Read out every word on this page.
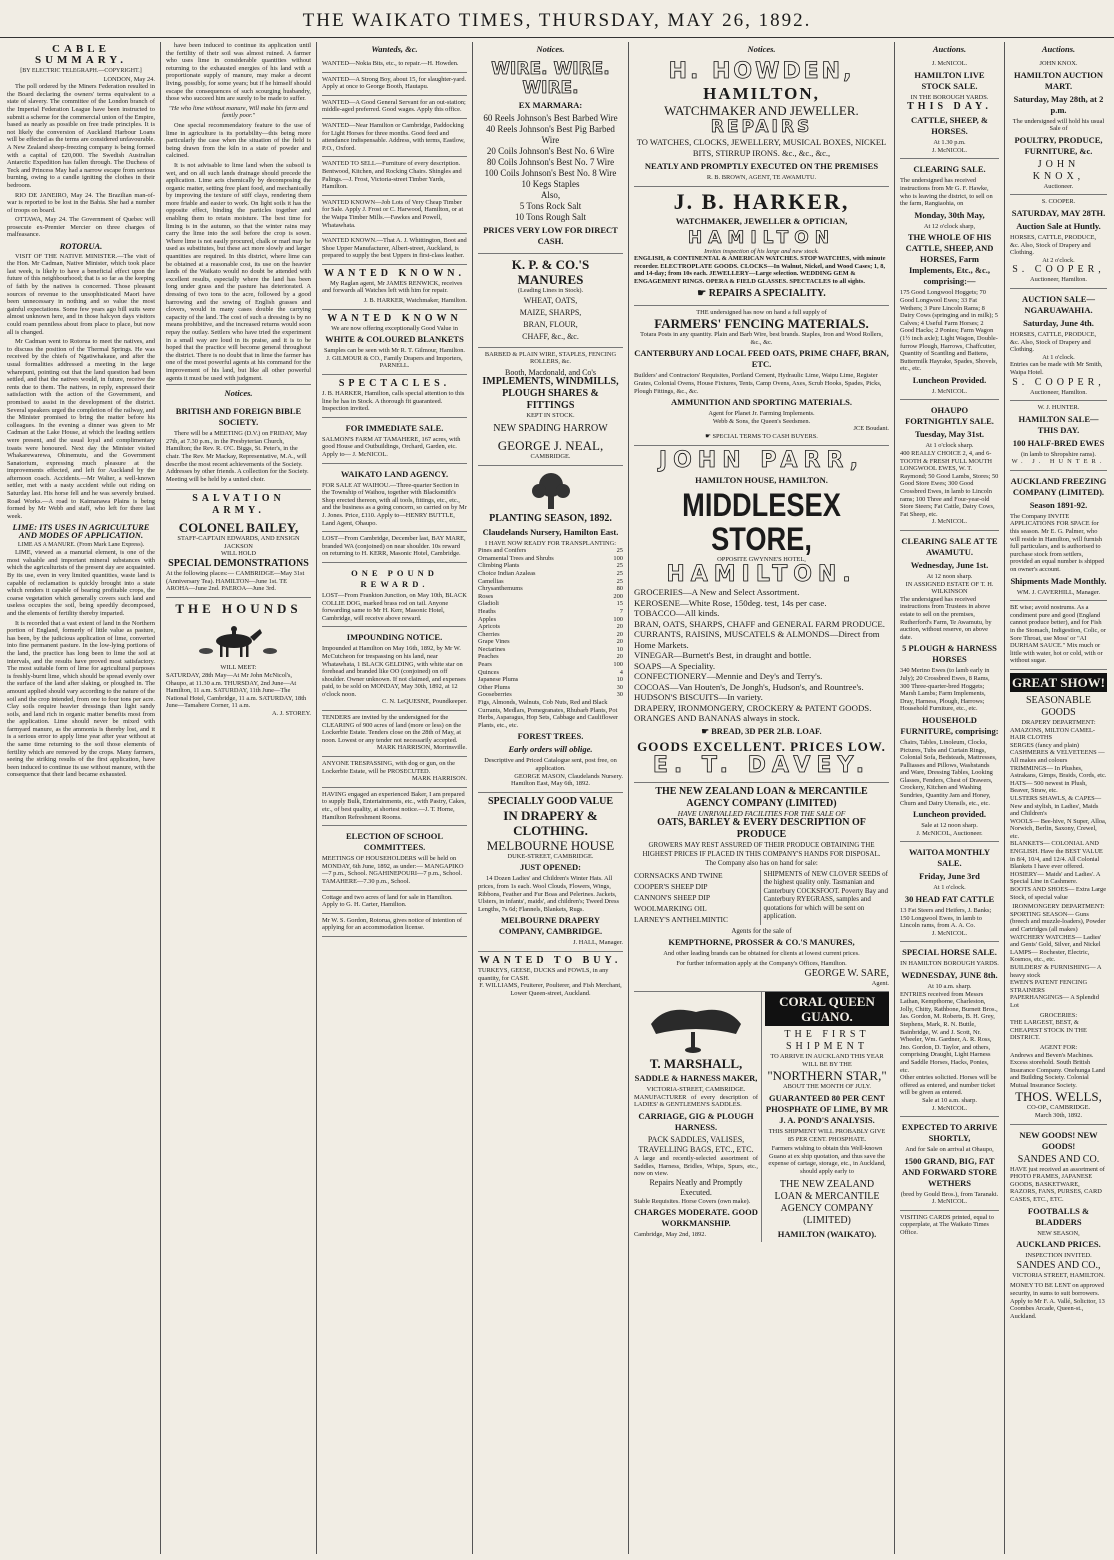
THE WAIKATO TIMES, THURSDAY, MAY 26, 1892.
CABLE SUMMARY.
[BY ELECTRIC TELEGRAPH.—COPYRIGHT.]
LONDON, May 24.

The poll ordered by the Miners Federation resulted in the Board declaring the owners' terms equivalent to a state of slavery. The committee of the London branch of the Imperial Federation League have been instructed to submit a scheme for the commercial union of the Empire, based as nearly as possible on free trade principles. It is not likely the conversion of Auckland Harbour Loans will be effected as the terms are considered unfavourable. A New Zealand sheep-freezing company is being formed with a capital of £20,000. The Swedish Australian Antarctic Expedition has fallen through. The Duchess of Teck and Princess May had a narrow escape from serious burning, owing to a candle igniting the clothes in their bedroom.

RIO DE JANEIRO, May 24. The Brazilian man-of-war is reported to be lost in the Bahia. She had a number of troops on board.

OTTAWA, May 24. The Government of Quebec will prosecute ex-Premier Mercier on three charges of malfeasance.

ROTORUA.

VISIT OF THE NATIVE MINISTER.—The visit of the Hon. Mr Cadman, Native Minister, which took place last week, is likely to have a beneficial effect upon the future of this neighbourhood; that is so far as the keeping of faith by the natives is concerned. Those pleasant sources of revenue to the unsophisticated Maori have been unnecessary in nothing and so value the most gainful expectations. Some few years ago bill suits were almost unknown here, and in those halcyon days visitors could roam penniless about from place to place, but now all is changed.

Mr Cadman went to Rotorua to meet the natives, and to discuss the position of the Thermal Springs. He was received by the chiefs of Ngatiwhakaue, and after the usual formalities addressed a meeting in the large wharepuni, pointing out that the land question had been settled, and that the natives would, in future, receive the rents due to them. The natives, in reply, expressed their satisfaction with the action of the Government, and promised to assist in the development of the district. Several speakers urged the completion of the railway, and the Minister promised to bring the matter before his colleagues. In the evening a dinner was given to Mr Cadman at the Lake House, at which the leading settlers were present, and the usual loyal and complimentary toasts were honoured. Next day the Minister visited Whakarewarewa, Ohinemutu, and the Government Sanatorium, expressing much pleasure at the improvements effected, and left for Auckland by the afternoon coach. Accidents.—Mr Walter, a well-known settler, met with a nasty accident while out riding on Saturday last. His horse fell and he was severely bruised. Road Works.—A road to Kaimanawa Plains is being formed by Mr Webb and staff, who left for there last week.

LIME: ITS USES IN AGRICULTURE AND MODES OF APPLICATION.
LIME AS A MANURE. (From Mark Lane Express).

LIME, viewed as a manurial element, is one of the most valuable and important mineral substances with which the agriculturists of the present day are acquainted. By its use, even in very limited quantities, waste land is capable of reclamation is quickly brought into a state which renders it capable of bearing profitable crops, the coarse vegetation which generally covers such land and useless occupies the soil, being speedily decomposed, and the elements of fertility thereby imparted.

It is recorded that a vast extent of land in the Northern portion of England, formerly of little value as pasture, has been, by the judicious application of lime, converted into fine permanent pasture. In the low-lying portions of the land, the practice has long been to lime the soil at intervals, and the results have proved most satisfactory. The most suitable form of lime for agricultural purposes is freshly-burnt lime, which should be spread evenly over the surface of the land after slaking, or ploughed in. The amount applied should vary according to the nature of the soil and the crop intended, from one to four tons per acre. Clay soils require heavier dressings than light sandy soils, and land rich in organic matter benefits most from the application. Lime should never be mixed with farmyard manure, as the ammonia is thereby lost, and it is a serious error to apply lime year after year without at the same time returning to the soil those elements of fertility which are removed by the crops. Many farmers, seeing the striking results of the first application, have been induced to continue its use without manure, with the consequence that their land became exhausted.

have been induced to continue its application until the fertility of their soil was almost ruined. A farmer who uses lime in considerable quantities without returning to the exhausted energies of his land with a proportionate supply of manure, may make a decent living, possibly, for some years; but if he himself should escape the consequences of such scourging husbandry, those who succeed him are surely to be made to suffer.

"He who lime without manure, Will make his farm and family poor."

One special recommendatory feature to the use of lime in agriculture is its portability—this being more particularly the case when the situation of the field is being drawn from the kiln in a state of powder and calcined.

It is not advisable to lime land when the subsoil is wet, and on all such lands drainage should precede the application. Lime acts chemically by decomposing the organic matter, setting free plant food, and mechanically by improving the texture of stiff clays, rendering them more friable and easier to work. On light soils it has the opposite effect, binding the particles together and enabling them to retain moisture. The best time for liming is in the autumn, so that the winter rains may carry the lime into the soil before the crop is sown. Where lime is not easily procured, chalk or marl may be used as substitutes, but these act more slowly and larger quantities are required. In this district, where lime can be obtained at a reasonable cost, its use on the heavier lands of the Waikato would no doubt be attended with excellent results, especially where the land has been long under grass and the pasture has deteriorated. A dressing of two tons to the acre, followed by a good harrowing and the sowing of English grasses and clovers, would in many cases double the carrying capacity of the land. The cost of such a dressing is by no means prohibitive, and the increased returns would soon repay the outlay. Settlers who have tried the experiment in a small way are loud in its praise, and it is to be hoped that the practice will become general throughout the district. There is no doubt that in lime the farmer has one of the most powerful agents at his command for the improvement of his land, but like all other powerful agents it must be used with judgment.

Notices.
BRITISH AND FOREIGN BIBLE SOCIETY.

There will be a MEETING (D.V.) on FRIDAY, May 27th, at 7.30 p.m., in the Presbyterian Church, Hamilton; the Rev. R. O'C. Biggs, St. Peter's, in the chair. The Rev. Mr Mackay, Representative, M.A., will describe the most recent achievements of the Society. Addresses by other friends. A collection for the Society. Meeting will be held by a united choir.

SALVATION ARMY.
COLONEL BAILEY,
STAFF-CAPTAIN EDWARDS, AND ENSIGN JACKSON
WILL HOLD
SPECIAL DEMONSTRATIONS

At the following places:— CAMBRIDGE—May 31st (Anniversary Tea). HAMILTON—June 1st. TE AROHA—June 2nd. PAEROA—June 3rd.

THE HOUNDS
WILL MEET:

SATURDAY, 28th May—At Mr John McNicol's, Ohaupo, at 11.30 a.m. THURSDAY, 2nd June—At Hamilton, 11 a.m. SATURDAY, 11th June—The National Hotel, Cambridge, 11 a.m. SATURDAY, 18th June—Tamahere Corner, 11 a.m.

A. J. STOREY.
Wanteds, &c.

WANTED—Nokia Bits, etc., to repair.—H. Howden.

WANTED—A Strong Boy, about 15, for slaughter-yard. Apply at once to George Booth, Hautapu.

WANTED—A Good General Servant for an out-station; middle-aged preferred. Good wages. Apply this office.

WANTED—Near Hamilton or Cambridge, Paddocking for Light Horses for three months. Good feed and attendance indispensable. Address, with terms, Eastlow, P.O., Oxford.

WANTED TO SELL—Furniture of every description. Bentwood, Kitchen, and Rocking Chairs. Shingles and Palings.—J. Frost, Victoria-street Timber Yards, Hamilton.

WANTED KNOWN—Job Lots of Very Cheap Timber for Sale. Apply J. Frost or C. Harwood, Hamilton, or at the Waipa Timber Mills.—Fawkes and Powell, Whatawhata.

WANTED KNOWN.—That A. J. Whittington, Boot and Shoe Upper Manufacturer, Albert-street, Auckland, is prepared to supply the best Uppers in first-class leather.

WANTED KNOWN.

My Raglan agent, Mr JAMES RENWICK, receives and forwards all Watches left with him for repair.

J. B. HARKER, Watchmaker, Hamilton.
WANTED KNOWN
We are now offering exceptionally Good Value in
WHITE & COLOURED BLANKETS
Samples can be seen with Mr R. T. Gilmour, Hamilton.
J. GILMOUR & CO., Family Drapers and Importers, PARNELL.
SPECTACLES.

J. B. HARKER, Hamilton, calls special attention to this line he has in Stock. A thorough fit guaranteed. Inspection invited.

FOR IMMEDIATE SALE.

SALMON'S FARM AT TAMAHERE, 167 acres, with good House and Outbuildings, Orchard, Garden, etc. Apply to— J. McNICOL.

WAIKATO LAND AGENCY.

FOR SALE AT WAIHOU.—Three-quarter Section in the Township of Waihou, together with Blacksmith's Shop erected thereon, with all tools, fittings, etc., etc., and the business as a going concern, so carried on by Mr J. Jones. Price, £110. Apply to—HENRY BUTTLE, Land Agent, Ohaupo.

LOST—From Cambridge, December last, BAY MARE, branded WA (conjoined) on near shoulder. 10s reward on returning to H. KERR, Masonic Hotel, Cambridge.

ONE POUND REWARD.

LOST—From Frankton Junction, on May 10th, BLACK COLLIE DOG, marked brass rod on tail. Anyone forwarding same to Mr H. Kerr, Masonic Hotel, Cambridge, will receive above reward.

IMPOUNDING NOTICE.

Impounded at Hamilton on May 16th, 1892, by Mr W. McCutcheon for trespassing on his land, near Whatawhata, 1 BLACK GELDING, with white star on forehead and branded like OO (conjoined) on off shoulder. Owner unknown. If not claimed, and expenses paid, to be sold on MONDAY, May 30th, 1892, at 12 o'clock noon.

C. N. LeQUESNE, Poundkeeper.

TENDERS are invited by the undersigned for the CLEARING of 900 acres of land (more or less) on the Lockerbie Estate. Tenders close on the 28th of May, at noon. Lowest or any tender not necessarily accepted.

MARK HARRISON, Morrinsville.

ANYONE TRESPASSING, with dog or gun, on the Lockerbie Estate, will be PROSECUTED.

MARK HARRISON.

HAVING engaged an experienced Baker, I am prepared to supply Bulk, Entertainments, etc., with Pastry, Cakes, etc., of best quality, at shortest notice.—J. T. Horne, Hamilton Refreshment Rooms.

ELECTION OF SCHOOL COMMITTEES.

MEETINGS OF HOUSEHOLDERS will be held on MONDAY, 6th June, 1892, as under:— MANGAPIKO—7 p.m., School. NGAHINEPOURI—7 p.m., School. TAMAHERE—7.30 p.m., School.

Cottage and two acres of land for sale in Hamilton. Apply to G. H. Carter, Hamilton.

Mr W. S. Gordon, Rotorua, gives notice of intention of applying for an accommodation license.

Notices.
WIRE. WIRE. WIRE.
EX MARMARA:
60 Reels Johnson's Best Barbed Wire
40 Reels Johnson's Best Pig Barbed Wire
20 Coils Johnson's Best No. 6 Wire
80 Coils Johnson's Best No. 7 Wire
100 Coils Johnson's Best No. 8 Wire
10 Kegs Staples
Also,
5 Tons Rock Salt
10 Tons Rough Salt
PRICES VERY LOW FOR DIRECT CASH.
K. P. & CO.'S MANURES
(Leading Lines in Stock).
WHEAT, OATS,
MAIZE, SHARPS,
BRAN, FLOUR,
CHAFF, &c., &c.
BARBED & PLAIN WIRE, STAPLES, FENCING ROLLERS, &c.
Booth, Macdonald, and Co's
IMPLEMENTS, WINDMILLS,
PLOUGH SHARES & FITTINGS
KEPT IN STOCK.
NEW SPADING HARROW
GEORGE J. NEAL,
CAMBRIDGE.
PLANTING SEASON, 1892.
Claudelands Nursery, Hamilton East.
I HAVE NOW READY FOR TRANSPLANTING:
Pines and Conifers	25
Ornamental Trees and Shrubs	100
Climbing Plants	25
Choice Indian Azaleas	25
Camellias	25
Chrysanthemums	80
Roses	200
Gladioli	15
Heaths	7
Apples	100
Apricots	20
Cherries	20
Grape Vines	20
Nectarines	10
Peaches	20
Pears	100
Quinces	4
Japanese Plums	10
Other Plums	30
Gooseberries	30

Figs, Almonds, Walnuts, Cob Nuts, Red and Black Currants, Medlars, Pomegranates, Rhubarb Plants, Pot Herbs, Asparagus, Hop Sets, Cabbage and Cauliflower Plants, etc., etc.

FOREST TREES.
Early orders will oblige.
Descriptive and Priced Catalogue sent, post free, on application.
GEORGE MASON, Claudelands Nursery.
Hamilton East, May 6th, 1892.
SPECIALLY GOOD VALUE
IN DRAPERY & CLOTHING.
MELBOURNE HOUSE
DUKE-STREET, CAMBRIDGE.
JUST OPENED:

14 Dozen Ladies' and Children's Winter Hats. All prices, from 1s each. Wool Clouds, Flowers, Wings, Ribbons, Feather and Fur Boas and Pelerines. Jackets, Ulsters, in infants', maids', and children's; Tweed Dress Lengths, 7s 6d; Flannels, Blankets, Rugs.

MELBOURNE DRAPERY COMPANY, CAMBRIDGE.
J. HALL, Manager.
WANTED TO BUY.

TURKEYS, GEESE, DUCKS and FOWLS, in any quantity, for CASH.

F. WILLIAMS, Fruiterer, Poulterer, and Fish Merchant, Lower Queen-street, Auckland.
Notices.
H. HOWDEN,
HAMILTON,
WATCHMAKER AND JEWELLER.
REPAIRS
TO WATCHES, CLOCKS, JEWELLERY, MUSICAL BOXES, NICKEL BITS, STIRRUP IRONS. &c., &c., &c.,
NEATLY AND PROMPTLY EXECUTED ON THE PREMISES
R. B. BROWN, AGENT, TE AWAMUTU.
J. B. HARKER,
WATCHMAKER, JEWELLER & OPTICIAN,
HAMILTON
Invites inspection of his large and new stock.

ENGLISH, & CONTINENTAL & AMERICAN WATCHES. STOP WATCHES, with minute recorder. ELECTROPLATE GOODS. CLOCKS—In Walnut, Nickel, and Wood Cases; 1, 8, and 14-day; from 10s each. JEWELLERY—Large selection. WEDDING GEM & ENGAGEMENT RINGS. OPERA & FIELD GLASSES. SPECTACLES to all sights.

☛ REPAIRS A SPECIALITY.
THE undersigned has now on hand a full supply of
FARMERS' FENCING MATERIALS.
Totara Posts in any quantity. Plain and Barb Wire, best brands. Staples, Iron and Wood Rollers, &c., &c.
CANTERBURY AND LOCAL FEED OATS, PRIME CHAFF, BRAN, ETC.

Builders' and Contractors' Requisites, Portland Cement, Hydraulic Lime, Waipu Lime, Register Grates, Colonial Ovens, House Fixtures, Tents, Camp Ovens, Axes, Scrub Hooks, Spades, Picks, Plough Fittings, &c., &c.

AMMUNITION AND SPORTING MATERIALS.
Agent for Planet Jr. Farming Implements.
Webb & Sons, the Queen's Seedsmen.
JCE Boudant.
☛ SPECIAL TERMS TO CASH BUYERS.
JOHN PARR,
HAMILTON HOUSE, HAMILTON.
MIDDLESEX STORE,
OPPOSITE GWYNNE'S HOTEL,
HAMILTON.
GROCERIES—A New and Select Assortment.
KEROSENE—White Rose, 150deg. test, 14s per case.
TOBACCO—All kinds.
BRAN, OATS, SHARPS, CHAFF and GENERAL FARM PRODUCE.
CURRANTS, RAISINS, MUSCATELS & ALMONDS—Direct from Home Markets.
VINEGAR—Burnett's Best, in draught and bottle.
SOAPS—A Speciality.
CONFECTIONERY—Mennie and Dey's and Terry's.
COCOAS—Van Houten's, De Jongh's, Hudson's, and Rountree's.
HUDSON'S BISCUITS—In variety.
DRAPERY, IRONMONGERY, CROCKERY & PATENT GOODS.
ORANGES AND BANANAS always in stock.
☛ BREAD, 3D PER 2LB. LOAF.
GOODS EXCELLENT. PRICES LOW.
E. T. DAVEY.
THE NEW ZEALAND LOAN & MERCANTILE AGENCY COMPANY (LIMITED)
HAVE UNRIVALLED FACILITIES FOR THE SALE OF
OATS, BARLEY & EVERY DESCRIPTION OF PRODUCE
GROWERS MAY REST ASSURED OF THEIR PRODUCE OBTAINING THE HIGHEST PRICES IF PLACED IN THIS COMPANY'S HANDS FOR DISPOSAL.
The Company also has on hand for sale:
CORNSACKS AND TWINE
COOPER'S SHEEP DIP
CANNON'S SHEEP DIP
WOOLMARKING OIL
LARNEY'S ANTHELMINTIC
SHIPMENTS of NEW CLOVER SEEDS of the highest quality only. Tasmanian and Canterbury COCKSFOOT. Poverty Bay and Canterbury RYEGRASS, samples and quotations for which will be sent on application.
Agents for the sale of
KEMPTHORNE, PROSSER & CO.'S MANURES,
And other leading brands can be obtained for clients at lowest current prices.
For further information apply at the Company's Offices, Hamilton.
GEORGE W. SARE,
Agent.
T. MARSHALL,
SADDLE & HARNESS MAKER,
VICTORIA-STREET, CAMBRIDGE.

MANUFACTURER of every description of LADIES' & GENTLEMEN'S SADDLES.

CARRIAGE, GIG & PLOUGH HARNESS.
PACK SADDLES, VALISES, TRAVELLING BAGS, ETC., ETC.

A large and recently-selected assortment of Saddles, Harness, Bridles, Whips, Spurs, etc., now on view.

Repairs Neatly and Promptly Executed.

Stable Requisites. Horse Covers (own make).

CHARGES MODERATE. GOOD WORKMANSHIP.
Cambridge, May 2nd, 1892.
CORAL QUEEN GUANO.
THE FIRST SHIPMENT
TO ARRIVE IN AUCKLAND THIS YEAR
WILL BE BY THE
"NORTHERN STAR,"
ABOUT THE MONTH OF JULY.
GUARANTEED 80 PER CENT PHOSPHATE OF LIME, BY MR J. A. POND'S ANALYSIS.
THIS SHIPMENT WILL PROBABLY GIVE 85 PER CENT. PHOSPHATE.

Farmers wishing to obtain this Well-known Guano at ex ship quotation, and thus save the expense of cartage, storage, etc., in Auckland, should apply early to

THE NEW ZEALAND LOAN & MERCANTILE AGENCY COMPANY (LIMITED)
HAMILTON (WAIKATO).
Auctions.
J. McNICOL.
HAMILTON LIVE STOCK SALE.
IN THE BOROUGH YARDS.
THIS DAY.
CATTLE, SHEEP, & HORSES.
At 1.30 p.m.
J. McNICOL.
CLEARING SALE.

The undersigned has received instructions from Mr G. F. Hawke, who is leaving the district, to sell on the farm, Rangiaohia, on

Monday, 30th May,
At 12 o'clock sharp,
THE WHOLE OF HIS CATTLE, SHEEP, AND HORSES, Farm Implements, Etc., &c., comprising:—

175 Good Longwool Hoggets; 70 Good Longwool Ewes; 33 Fat Wethers; 3 Pure Lincoln Rams; 8 Dairy Cows (springing and in milk); 5 Calves; 4 Useful Farm Horses; 2 Good Hacks; 2 Ponies; Farm Wagon (1½ inch axle); Light Wagon, Double-furrow Plough, Harrows, Chaffcutter, Quantity of Scantling and Battens, Buttermilk Hayrake, Spades, Shovels, etc., etc.

Luncheon Provided.
J. McNICOL.
OHAUPO FORTNIGHTLY SALE.
Tuesday, May 31st.
At 1 o'clock sharp.

400 REALLY CHOICE 2, 4, and 6-TOOTH & FRESH FULL MOUTH LONGWOOL EWES, W. T. Raymond; 50 Good Lambs, Stores; 50 Good Store Ewes; 300 Good Crossbred Ewes, in lamb to Lincoln rams; 100 Three and Four-year-old Store Steers; Fat Cattle, Dairy Cows, Fat Sheep, etc.

J. McNICOL.
CLEARING SALE AT TE AWAMUTU.
Wednesday, June 1st.
At 12 noon sharp.
IN ASSIGNED ESTATE OF T. H. WILKINSON

The undersigned has received instructions from Trustees in above estate to sell on the premises, Rutherford's Farm, Te Awamutu, by auction, without reserve, on above date.

5 PLOUGH & HARNESS HORSES

340 Merino Ewes (to lamb early in July); 20 Crossbred Ewes, 8 Rams, 300 Three-quarter-bred Hoggets; Marsh Lambs; Farm Implements, Dray, Harness, Plough, Harrows; Household Furniture, etc., etc.

HOUSEHOLD FURNITURE, comprising:

Chairs, Tables, Linoleum, Clocks, Pictures, Tubs and Curtain Rings, Colonial Sofa, Bedsteads, Mattresses, Palliasses and Pillows, Washstands and Ware, Dressing Tables, Looking Glasses, Fenders, Chest of Drawers, Crockery, Kitchen and Washing Sundries, Quantity Jam and Honey, Churn and Dairy Utensils, etc., etc.

Luncheon provided.
Sale at 12 noon sharp.
J. McNICOL, Auctioneer.
WAITOA MONTHLY SALE.
Friday, June 3rd
At 1 o'clock.
30 HEAD FAT CATTLE

13 Fat Steers and Heifers, J. Banks; 150 Longwool Ewes, in lamb to Lincoln rams, from A. A. Co.

J. McNICOL.
SPECIAL HORSE SALE.
IN HAMILTON BOROUGH YARDS.
WEDNESDAY, JUNE 8th.
At 10 a.m. sharp.

ENTRIES received from Messrs Lathan, Kempthorne, Charleston, Jolly, Chitty, Rathbone, Burnett Bros., Jas. Gordon, M. Roberts, B. H. Grey, Stephens, Mark, R. N. Buttle, Bainbridge, W. and J. Scott, Nr. Wheeler, Wm. Gardner, A. R. Ross, Jno. Gordon, D. Taylor, and others, comprising Draught, Light Harness and Saddle Horses, Hacks, Ponies, etc.

Other entries solicited. Horses will be offered as entered, and number ticket will be given as entered.

Sale at 10 a.m. sharp.
J. McNICOL.
EXPECTED TO ARRIVE SHORTLY,
And for Sale on arrival at Ohaupo,
1500 GRAND, BIG, FAT AND FORWARD STORE WETHERS
(bred by Gould Bros.), from Taranaki.
J. McNICOL.

VISITING CARDS printed, equal to copperplate, at The Waikato Times Office.

Auctions.
JOHN KNOX.
HAMILTON AUCTION MART.
Saturday, May 28th, at 2 p.m.
The undersigned will hold his usual Sale of
POULTRY, PRODUCE, FURNITURE, &c.
JOHN KNOX,
Auctioneer.
S. COOPER.
SATURDAY, MAY 28TH.
Auction Sale at Huntly.

HORSES, CATTLE, PRODUCE, &c. Also, Stock of Drapery and Clothing.

At 2 o'clock.
S. COOPER,
Auctioneer, Hamilton.
AUCTION SALE—NGARUAWAHIA.
Saturday, June 4th.

HORSES, CATTLE, PRODUCE, &c. Also, Stock of Drapery and Clothing.

At 1 o'clock.

Entries can be made with Mr Smith, Waipa Hotel.

S. COOPER,
Auctioneer, Hamilton.
W. J. HUNTER.
HAMILTON SALE—THIS DAY.
100 HALF-BRED EWES
(in lamb to Shropshire rams).
W. J. HUNTER.
AUCKLAND FREEZING COMPANY (LIMITED).
Season 1891-92.

The Company INVITE APPLICATIONS FOR SPACE for this season. Mr E. G. Palmer, who will reside in Hamilton, will furnish full particulars, and is authorised to purchase stock from settlers, provided an equal number is shipped on owner's account.

Shipments Made Monthly.
WM. J. CAVERHILL, Manager.

BE wise; avoid nostrums. As a condiment pure and good (England cannot produce better), and for Fish in the Stomach, Indigestion, Colic, or Sore Throat, use Moss' or "AI DURHAM SAUCE." Mix much or little with water, hot or cold, with or without sugar.

GREAT SHOW!
SEASONABLE GOODS
DRAPERY DEPARTMENT:

AMAZONS, MILTON CAMEL-HAIR CLOTHS

SERGES (fancy and plain) CASHMERES & VELVETEENS — All makes and colours

TRIMMINGS— In Plushes, Astrakans, Gimps, Braids, Cords, etc.

HATS— 500 newest in Plush, Beaver, Straw, etc.

ULSTERS SHAWLS, & CAPES— New and stylish, in Ladies', Maids and Children's

WOOLS— Bee-hive, N Super, Alloa, Norwich, Berlin, Saxony, Crewel, etc.

BLANKETS— COLONIAL AND ENGLISH. Have the BEST VALUE in 8/4, 10/4, and 12/4. All Colonial Blankets I have ever offered.

HOSIERY— Maids' and Ladies'. A Special Line in Cashmere.

BOOTS AND SHOES— Extra Large Stock, of special value

IRONMONGERY DEPARTMENT:

SPORTING SEASON— Guns (breech and muzzle-loaders), Powder and Cartridges (all makes)

WATCHERY WATCHES— Ladies' and Gents' Gold, Silver, and Nickel

LAMPS— Rochester, Electric, Kosmos, etc., etc.

BUILDERS' & FURNISHING— A heavy stock

EWEN'S PATENT FENCING STRAINERS

PAPERHANGINGS— A Splendid Lot

GROCERIES:

THE LARGEST, BEST, & CHEAPEST STOCK IN THE DISTRICT.

AGENT FOR:

Andrews and Beven's Machines. Excess storehold. South British Insurance Company. Onehunga Land and Building Society. Colonial Mutual Insurance Society.

THOS. WELLS,
CO-OP., CAMBRIDGE.
March 30th, 1892.
NEW GOODS! NEW GOODS!
SANDES AND CO.

HAVE just received an assortment of PHOTO FRAMES, JAPANESE GOODS, BASKETWARE, RAZORS, FANS, PURSES, CARD CASES, ETC., ETC.

FOOTBALLS & BLADDERS
NEW SEASON,
AUCKLAND PRICES.
INSPECTION INVITED.
SANDES AND CO.,
VICTORIA STREET, HAMILTON.

MONEY TO BE LENT on approved security, in sums to suit borrowers. Apply to Mr F. A. Vallé, Solicitor, 13 Coombes Arcade, Queen-st., Auckland.
